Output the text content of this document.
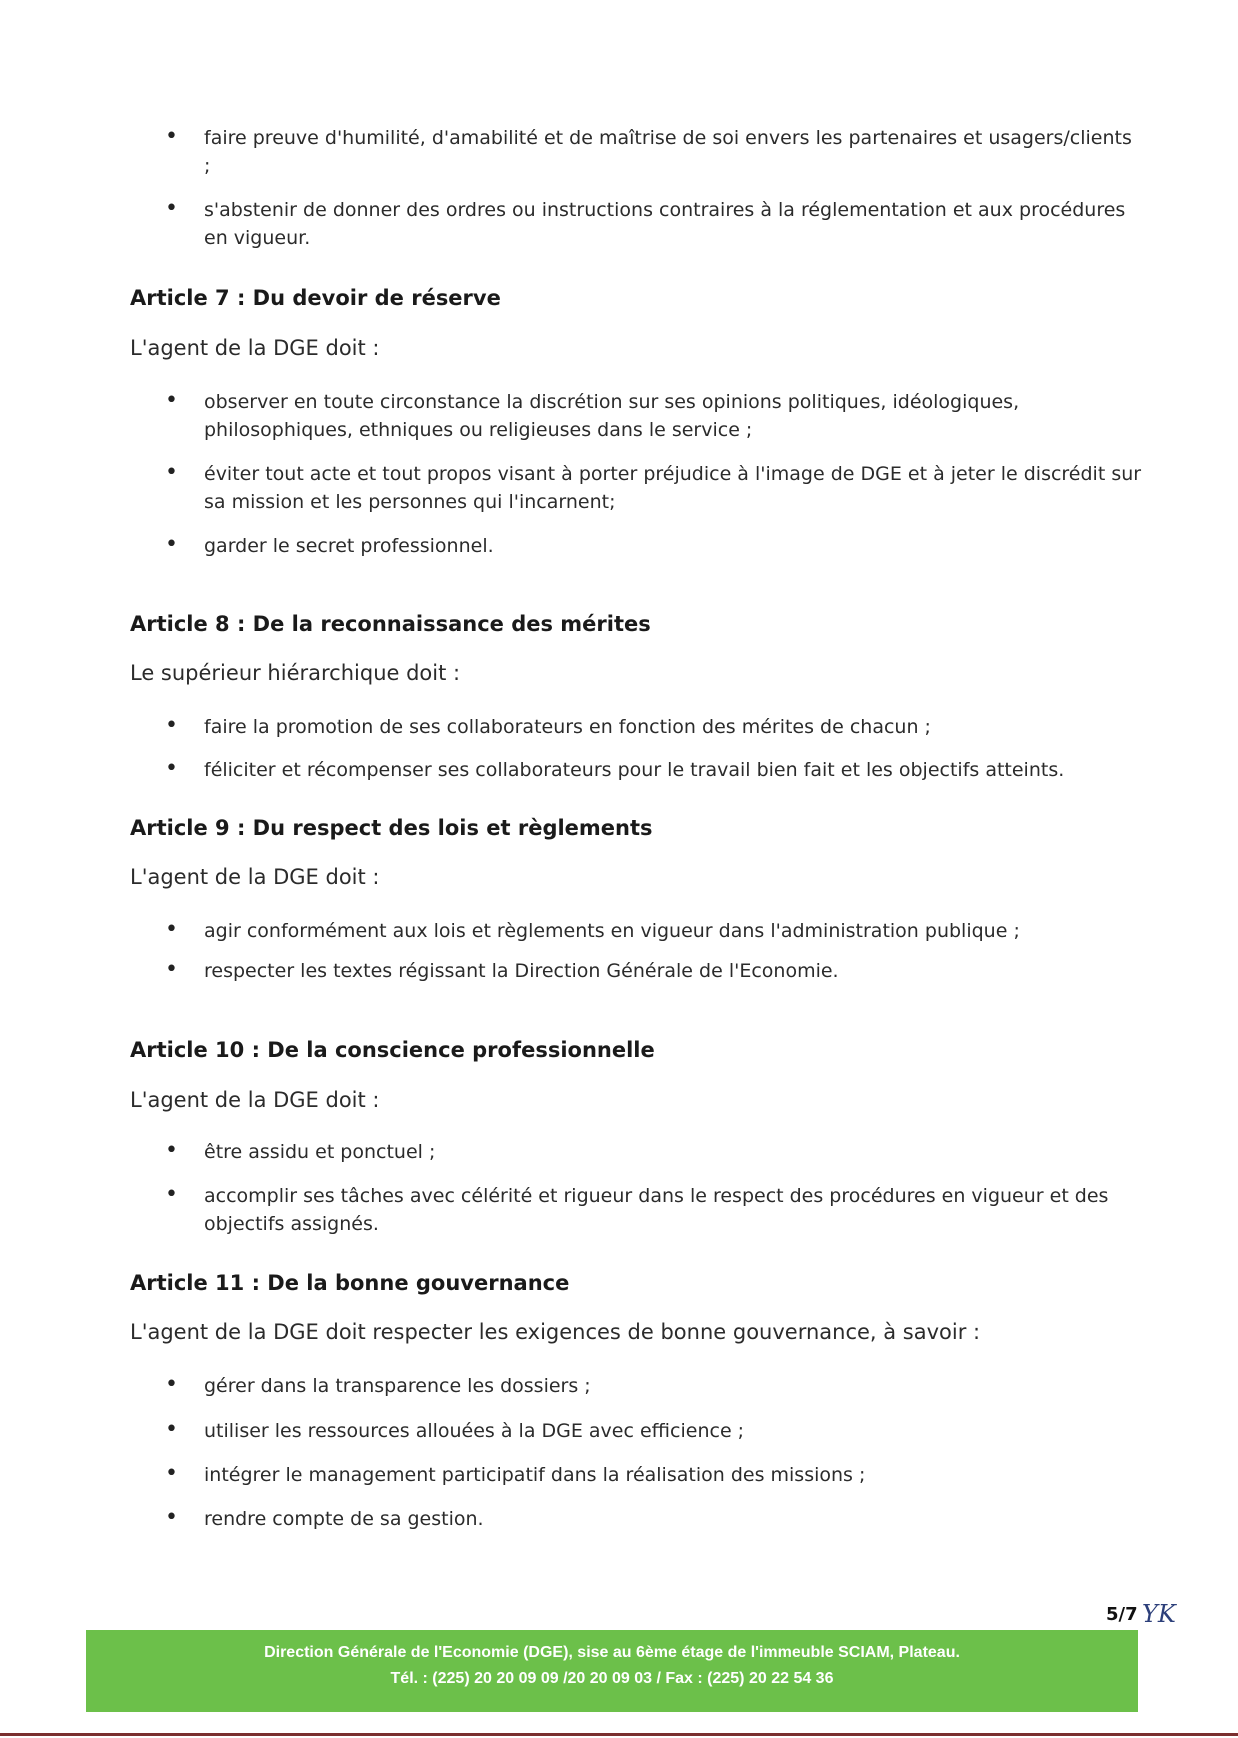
• faire preuve d'humilité, d'amabilité et de maîtrise de soi envers les partenaires et usagers/clients ;
• s'abstenir de donner des ordres ou instructions contraires à la réglementation et aux procédures en vigueur.
Article 7 : Du devoir de réserve
L'agent de la DGE doit :
• observer en toute circonstance la discrétion sur ses opinions politiques, idéologiques, philosophiques, ethniques ou religieuses dans le service ;
• éviter tout acte et tout propos visant à porter préjudice à l'image de DGE et à jeter le discrédit sur sa mission et les personnes qui l'incarnent;
• garder le secret professionnel.
Article 8 : De la reconnaissance des mérites
Le supérieur hiérarchique doit :
• faire la promotion de ses collaborateurs en fonction des mérites de chacun ;
• féliciter et récompenser ses collaborateurs pour le travail bien fait et les objectifs atteints.
Article 9 : Du respect des lois et règlements
L'agent de la DGE doit :
• agir conformément aux lois et règlements en vigueur dans l'administration publique ;
• respecter les textes régissant la Direction Générale de l'Economie.
Article 10 : De la conscience professionnelle
L'agent de la DGE doit :
• être assidu et ponctuel ;
• accomplir ses tâches avec célérité et rigueur dans le respect des procédures en vigueur et des objectifs assignés.
Article 11 : De la bonne gouvernance
L'agent de la DGE doit respecter les exigences de bonne gouvernance, à savoir :
• gérer dans la transparence les dossiers ;
• utiliser les ressources allouées à la DGE avec efficience ;
• intégrer le management participatif dans la réalisation des missions ;
• rendre compte de sa gestion.
5/7 YK
Direction Générale de l'Economie (DGE), sise au 6ème étage de l'immeuble SCIAM, Plateau.
Tél. : (225) 20 20 09 09 /20 20 09 03 / Fax : (225) 20 22 54 36
